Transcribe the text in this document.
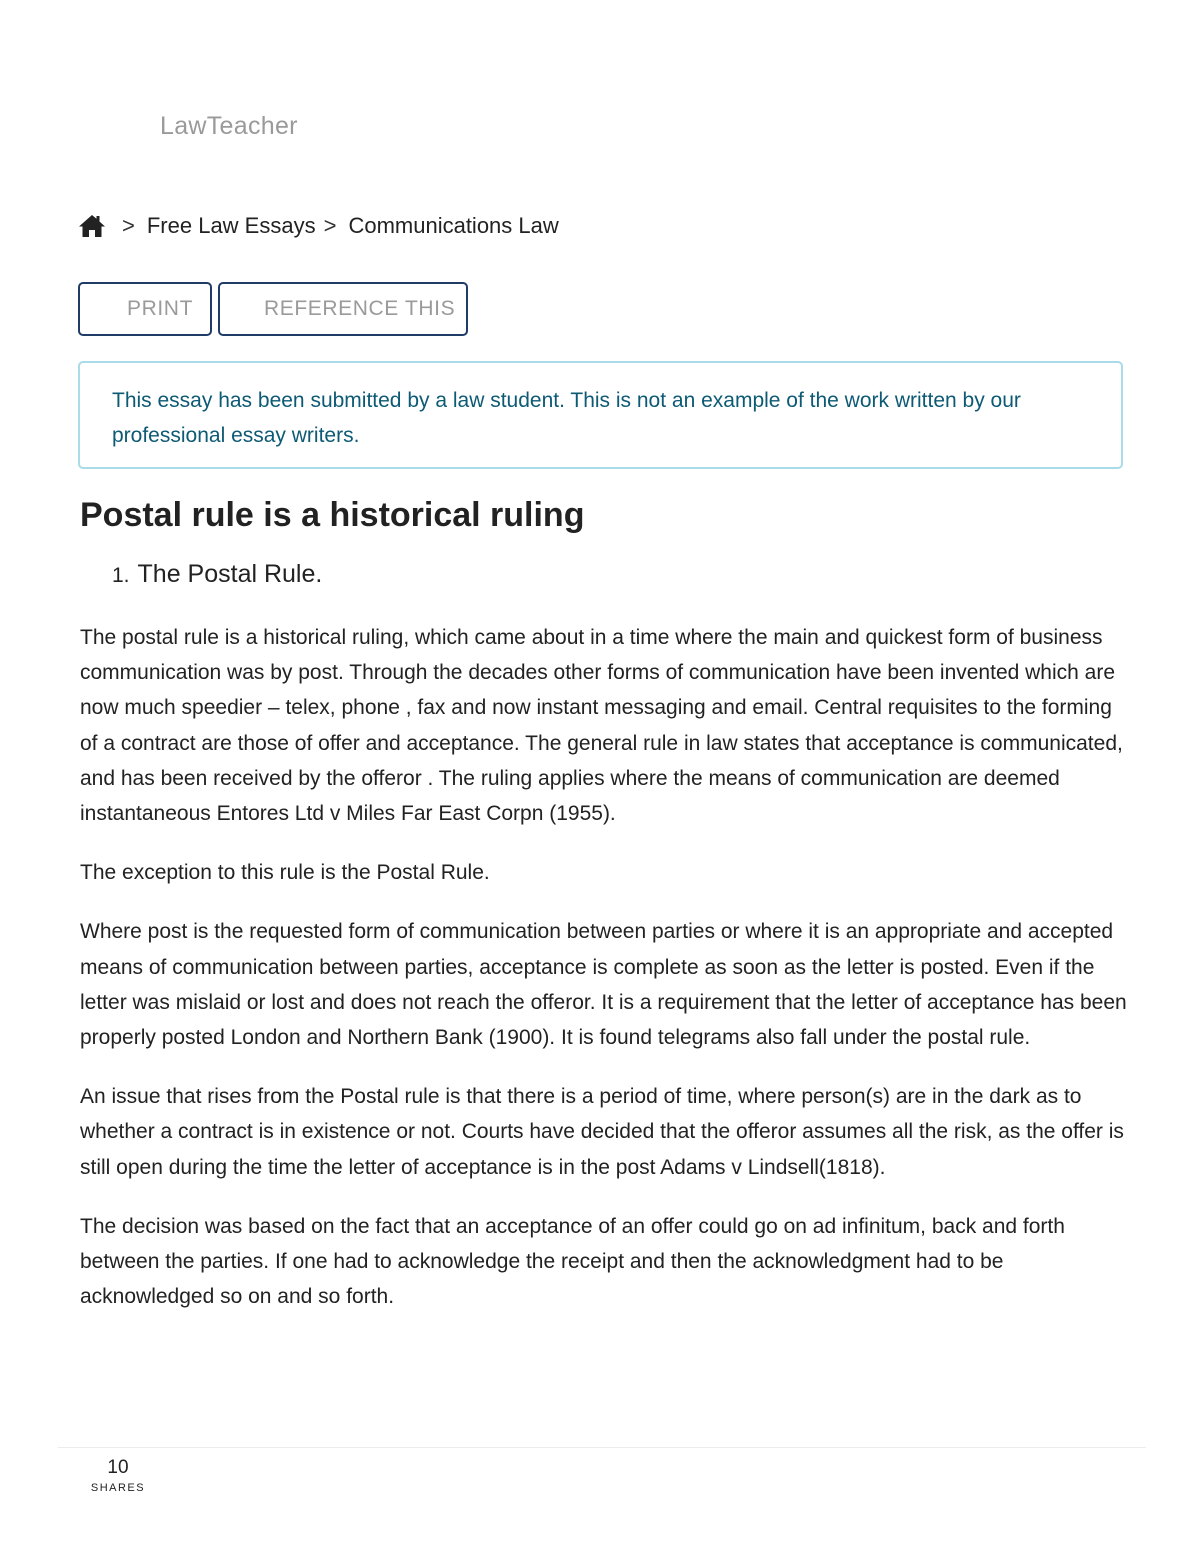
LawTeacher
> Free Law Essays > Communications Law
PRINT	REFERENCE THIS
This essay has been submitted by a law student. This is not an example of the work written by our professional essay writers.
Postal rule is a historical ruling
1. The Postal Rule.

The postal rule is a historical ruling, which came about in a time where the main and quickest form of business communication was by post. Through the decades other forms of communication have been invented which are now much speedier – telex, phone , fax and now instant messaging and email. Central requisites to the forming of a contract are those of offer and acceptance. The general rule in law states that acceptance is communicated, and has been received by the offeror . The ruling applies where the means of communication are deemed instantaneous Entores Ltd v Miles Far East Corpn (1955).

The exception to this rule is the Postal Rule.

Where post is the requested form of communication between parties or where it is an appropriate and accepted means of communication between parties, acceptance is complete as soon as the letter is posted. Even if the letter was mislaid or lost and does not reach the offeror. It is a requirement that the letter of acceptance has been properly posted London and Northern Bank (1900). It is found telegrams also fall under the postal rule.

An issue that rises from the Postal rule is that there is a period of time, where person(s) are in the dark as to whether a contract is in existence or not. Courts have decided that the offeror assumes all the risk, as the offer is still open during the time the letter of acceptance is in the post Adams v Lindsell(1818).

The decision was based on the fact that an acceptance of an offer could go on ad infinitum, back and forth between the parties. If one had to acknowledge the receipt and then the acknowledgment had to be acknowledged so on and so forth.

10
SHARES
